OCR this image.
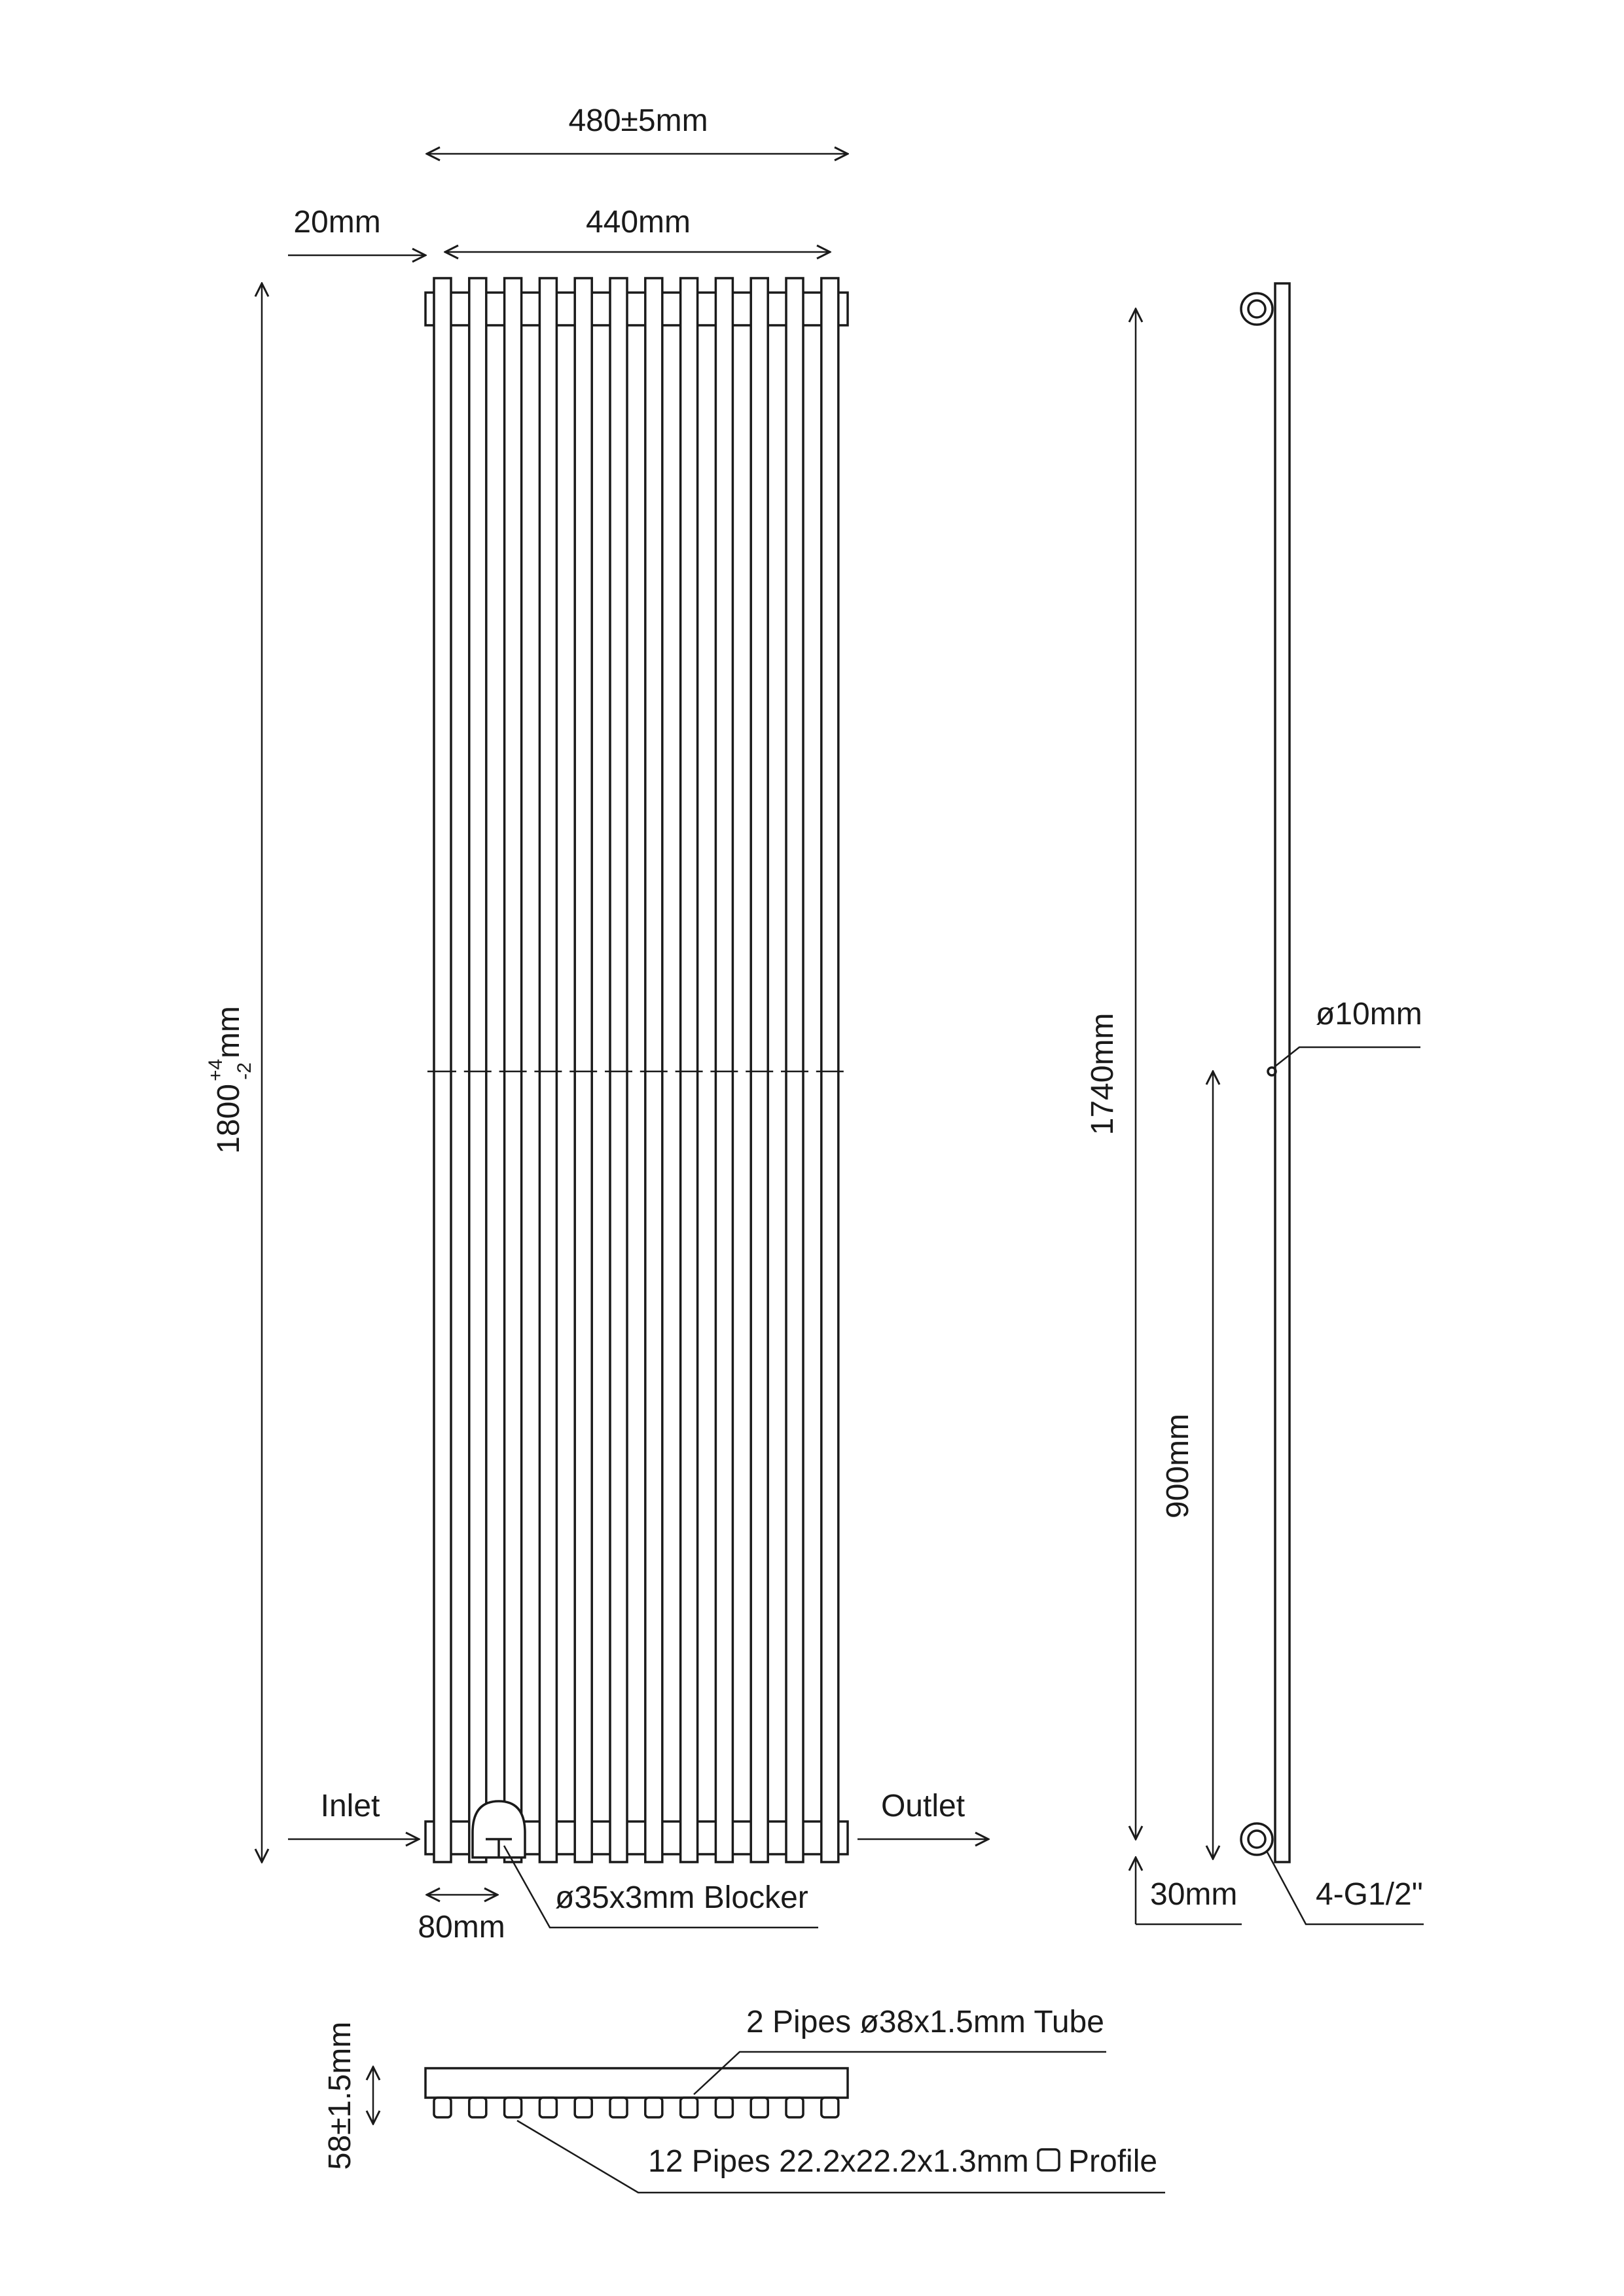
480±5mm
440mm
20mm
$1800^{+4}$ -2mm
Inlet	Outlet
80mm
ø35x3mm Blocker
1740mm
900mm
ø10mm
30mm 4-G1/2"
58±1.5mm	2 Pipes ø38x1.5mm Tube
12 Pipes 22.2x22.2x1.3mm Profile
